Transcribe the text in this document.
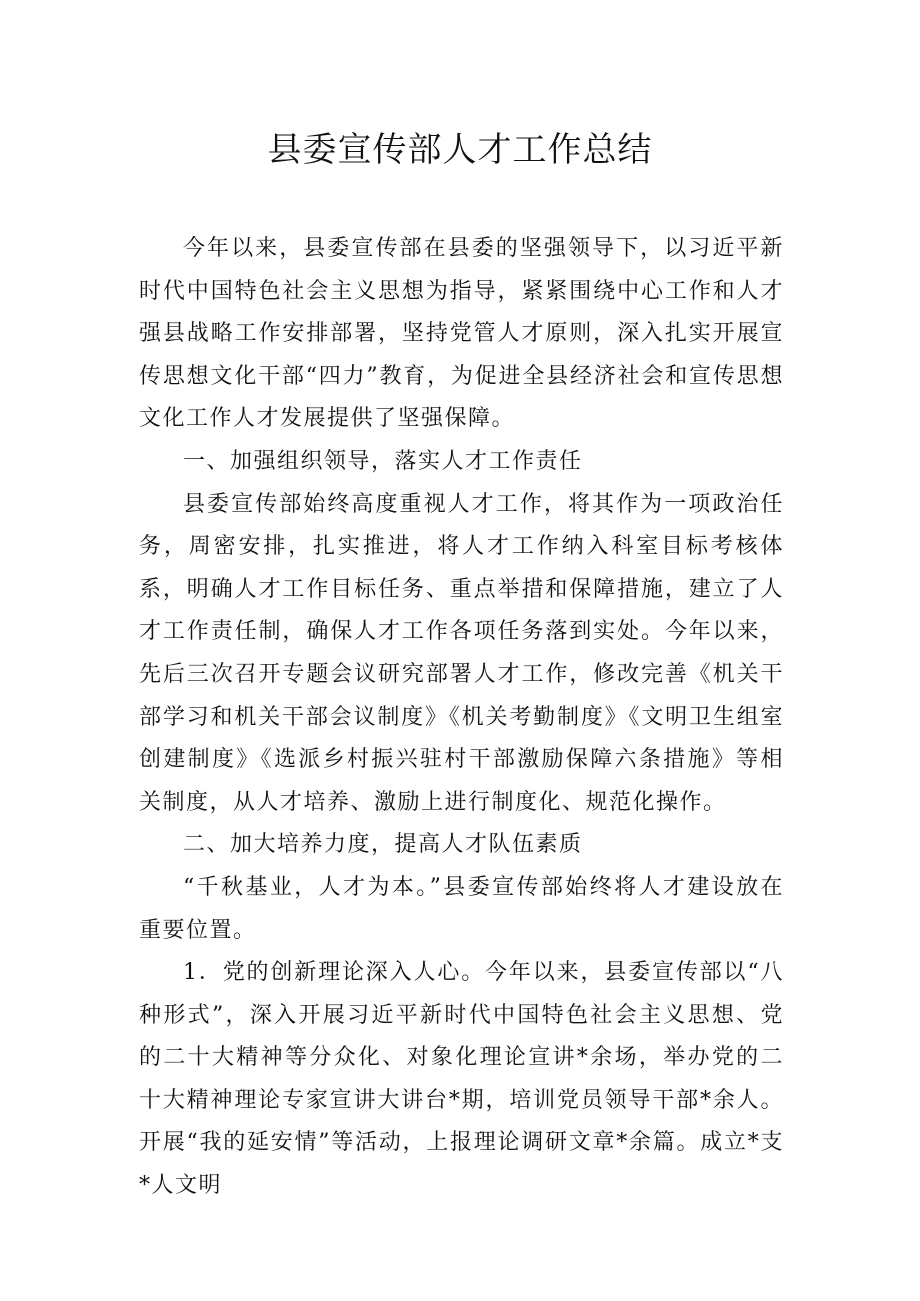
县委宣传部人才工作总结

今年以来，县委宣传部在县委的坚强领导下，以习近平新时代中国特色社会主义思想为指导，紧紧围绕中心工作和人才强县战略工作安排部署，坚持党管人才原则，深入扎实开展宣传思想文化干部“四力”教育，为促进全县经济社会和宣传思想文化工作人才发展提供了坚强保障。

一、加强组织领导，落实人才工作责任

县委宣传部始终高度重视人才工作，将其作为一项政治任务，周密安排，扎实推进，将人才工作纳入科室目标考核体系，明确人才工作目标任务、重点举措和保障措施，建立了人才工作责任制，确保人才工作各项任务落到实处。今年以来，先后三次召开专题会议研究部署人才工作，修改完善《机关干部学习和机关干部会议制度》《机关考勤制度》《文明卫生组室创建制度》《选派乡村振兴驻村干部激励保障六条措施》等相关制度，从人才培养、激励上进行制度化、规范化操作。

二、加大培养力度，提高人才队伍素质

“千秋基业，人才为本。”县委宣传部始终将人才建设放在重要位置。

1．党的创新理论深入人心。今年以来，县委宣传部以“八种形式”，深入开展习近平新时代中国特色社会主义思想、党的二十大精神等分众化、对象化理论宣讲*余场，举办党的二十大精神理论专家宣讲大讲台*期，培训党员领导干部*余人。开展“我的延安情”等活动，上报理论调研文章*余篇。成立*支*人文明
